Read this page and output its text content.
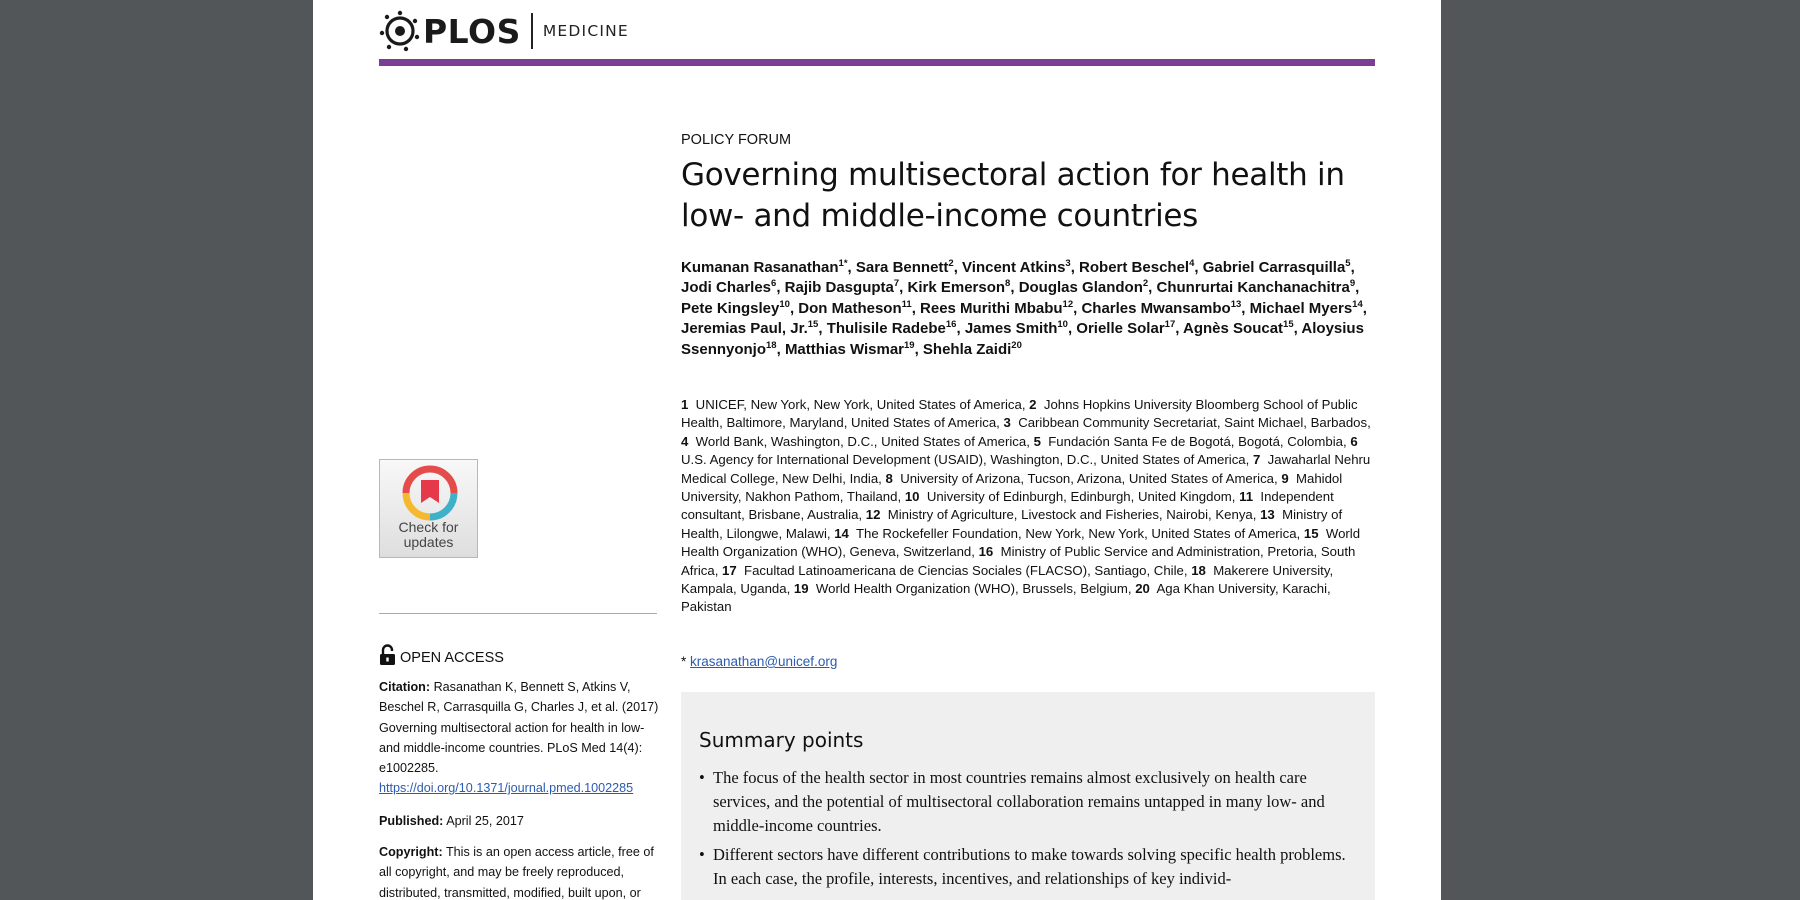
PLOS MEDICINE
Check for updates
OPEN ACCESS
Citation: Rasanathan K, Bennett S, Atkins V, Beschel R, Carrasquilla G, Charles J, et al. (2017) Governing multisectoral action for health in low- and middle-income countries. PLoS Med 14(4): e1002285. https://doi.org/10.1371/journal.pmed.1002285
Published: April 25, 2017
Copyright: This is an open access article, free of all copyright, and may be freely reproduced, distributed, transmitted, modified, built upon, or
POLICY FORUM
Governing multisectoral action for health in low- and middle-income countries
Kumanan Rasanathan$^{1*}$, Sara Bennett$^2$, Vincent Atkins$^3$, Robert Beschel$^4$, Gabriel Carrasquilla$^5$, Jodi Charles$^6$, Rajib Dasgupta$^7$, Kirk Emerson$^8$, Douglas Glandon$^2$, Chunrurtai Kanchanachitra$^9$, Pete Kingsley$^{10}$, Don Matheson$^{11}$, Rees Murithi Mbabu$^{12}$, Charles Mwansambo$^{13}$, Michael Myers$^{14}$, Jeremias Paul, Jr.$^{15}$, Thulisile Radebe$^{16}$, James Smith$^{10}$, Orielle Solar$^{17}$, Agnès Soucat$^{15}$, Aloysius Ssennyonjo$^{18}$, Matthias Wismar$^{19}$, Shehla Zaidi$^{20}$
1 UNICEF, New York, New York, United States of America, 2 Johns Hopkins University Bloomberg School of Public Health, Baltimore, Maryland, United States of America, 3 Caribbean Community Secretariat, Saint Michael, Barbados, 4 World Bank, Washington, D.C., United States of America, 5 Fundación Santa Fe de Bogotá, Bogotá, Colombia, 6  U.S. Agency for International Development (USAID), Washington, D.C., United States of America, 7 Jawaharlal Nehru Medical College, New Delhi, India, 8 University of Arizona, Tucson, Arizona, United States of America, 9 Mahidol University, Nakhon Pathom, Thailand, 10 University of Edinburgh, Edinburgh, United Kingdom, 11 Independent consultant, Brisbane, Australia, 12 Ministry of Agriculture, Livestock and Fisheries, Nairobi, Kenya, 13 Ministry of Health, Lilongwe, Malawi, 14 The Rockefeller Foundation, New York, New York, United States of America, 15 World Health Organization (WHO), Geneva, Switzerland, 16 Ministry of Public Service and Administration, Pretoria, South Africa, 17 Facultad Latinoamericana de Ciencias Sociales (FLACSO), Santiago, Chile, 18 Makerere University, Kampala, Uganda, 19 World Health Organization (WHO), Brussels, Belgium, 20 Aga Khan University, Karachi, Pakistan
* krasanathan@unicef.org
Summary points
• The focus of the health sector in most countries remains almost exclusively on health care services, and the potential of multisectoral collaboration remains untapped in many low- and middle-income countries.
• Different sectors have different contributions to make towards solving specific health problems. In each case, the profile, interests, incentives, and relationships of key individ-
